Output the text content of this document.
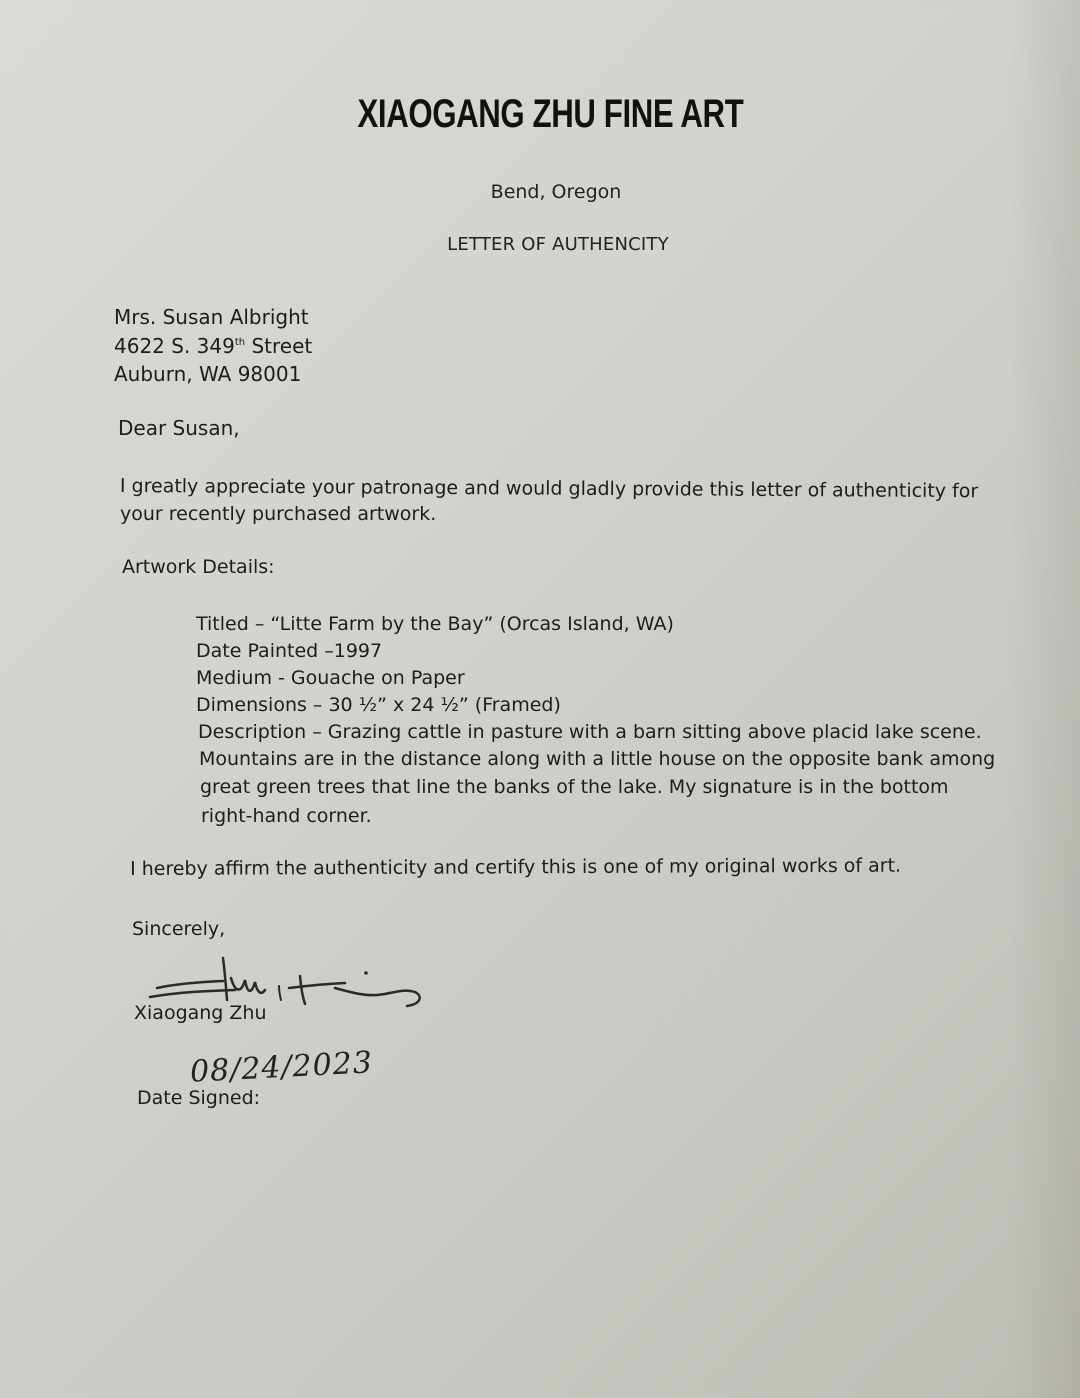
XIAOGANG ZHU FINE ART

Bend, Oregon

LETTER OF AUTHENCITY

Mrs. Susan Albright

4622 S. 349th Street

Auburn, WA 98001

Dear Susan,

I greatly appreciate your patronage and would gladly provide this letter of authenticity for

your recently purchased artwork.

Artwork Details:

Titled – “Litte Farm by the Bay” (Orcas Island, WA)

Date Painted –1997

Medium - Gouache on Paper

Dimensions – 30 ½” x 24 ½” (Framed)

Description – Grazing cattle in pasture with a barn sitting above placid lake scene.

Mountains are in the distance along with a little house on the opposite bank among

great green trees that line the banks of the lake. My signature is in the bottom

right-hand corner.

I hereby affirm the authenticity and certify this is one of my original works of art.

Sincerely,

Xiaogang Zhu

Date Signed:

08/24/2023
